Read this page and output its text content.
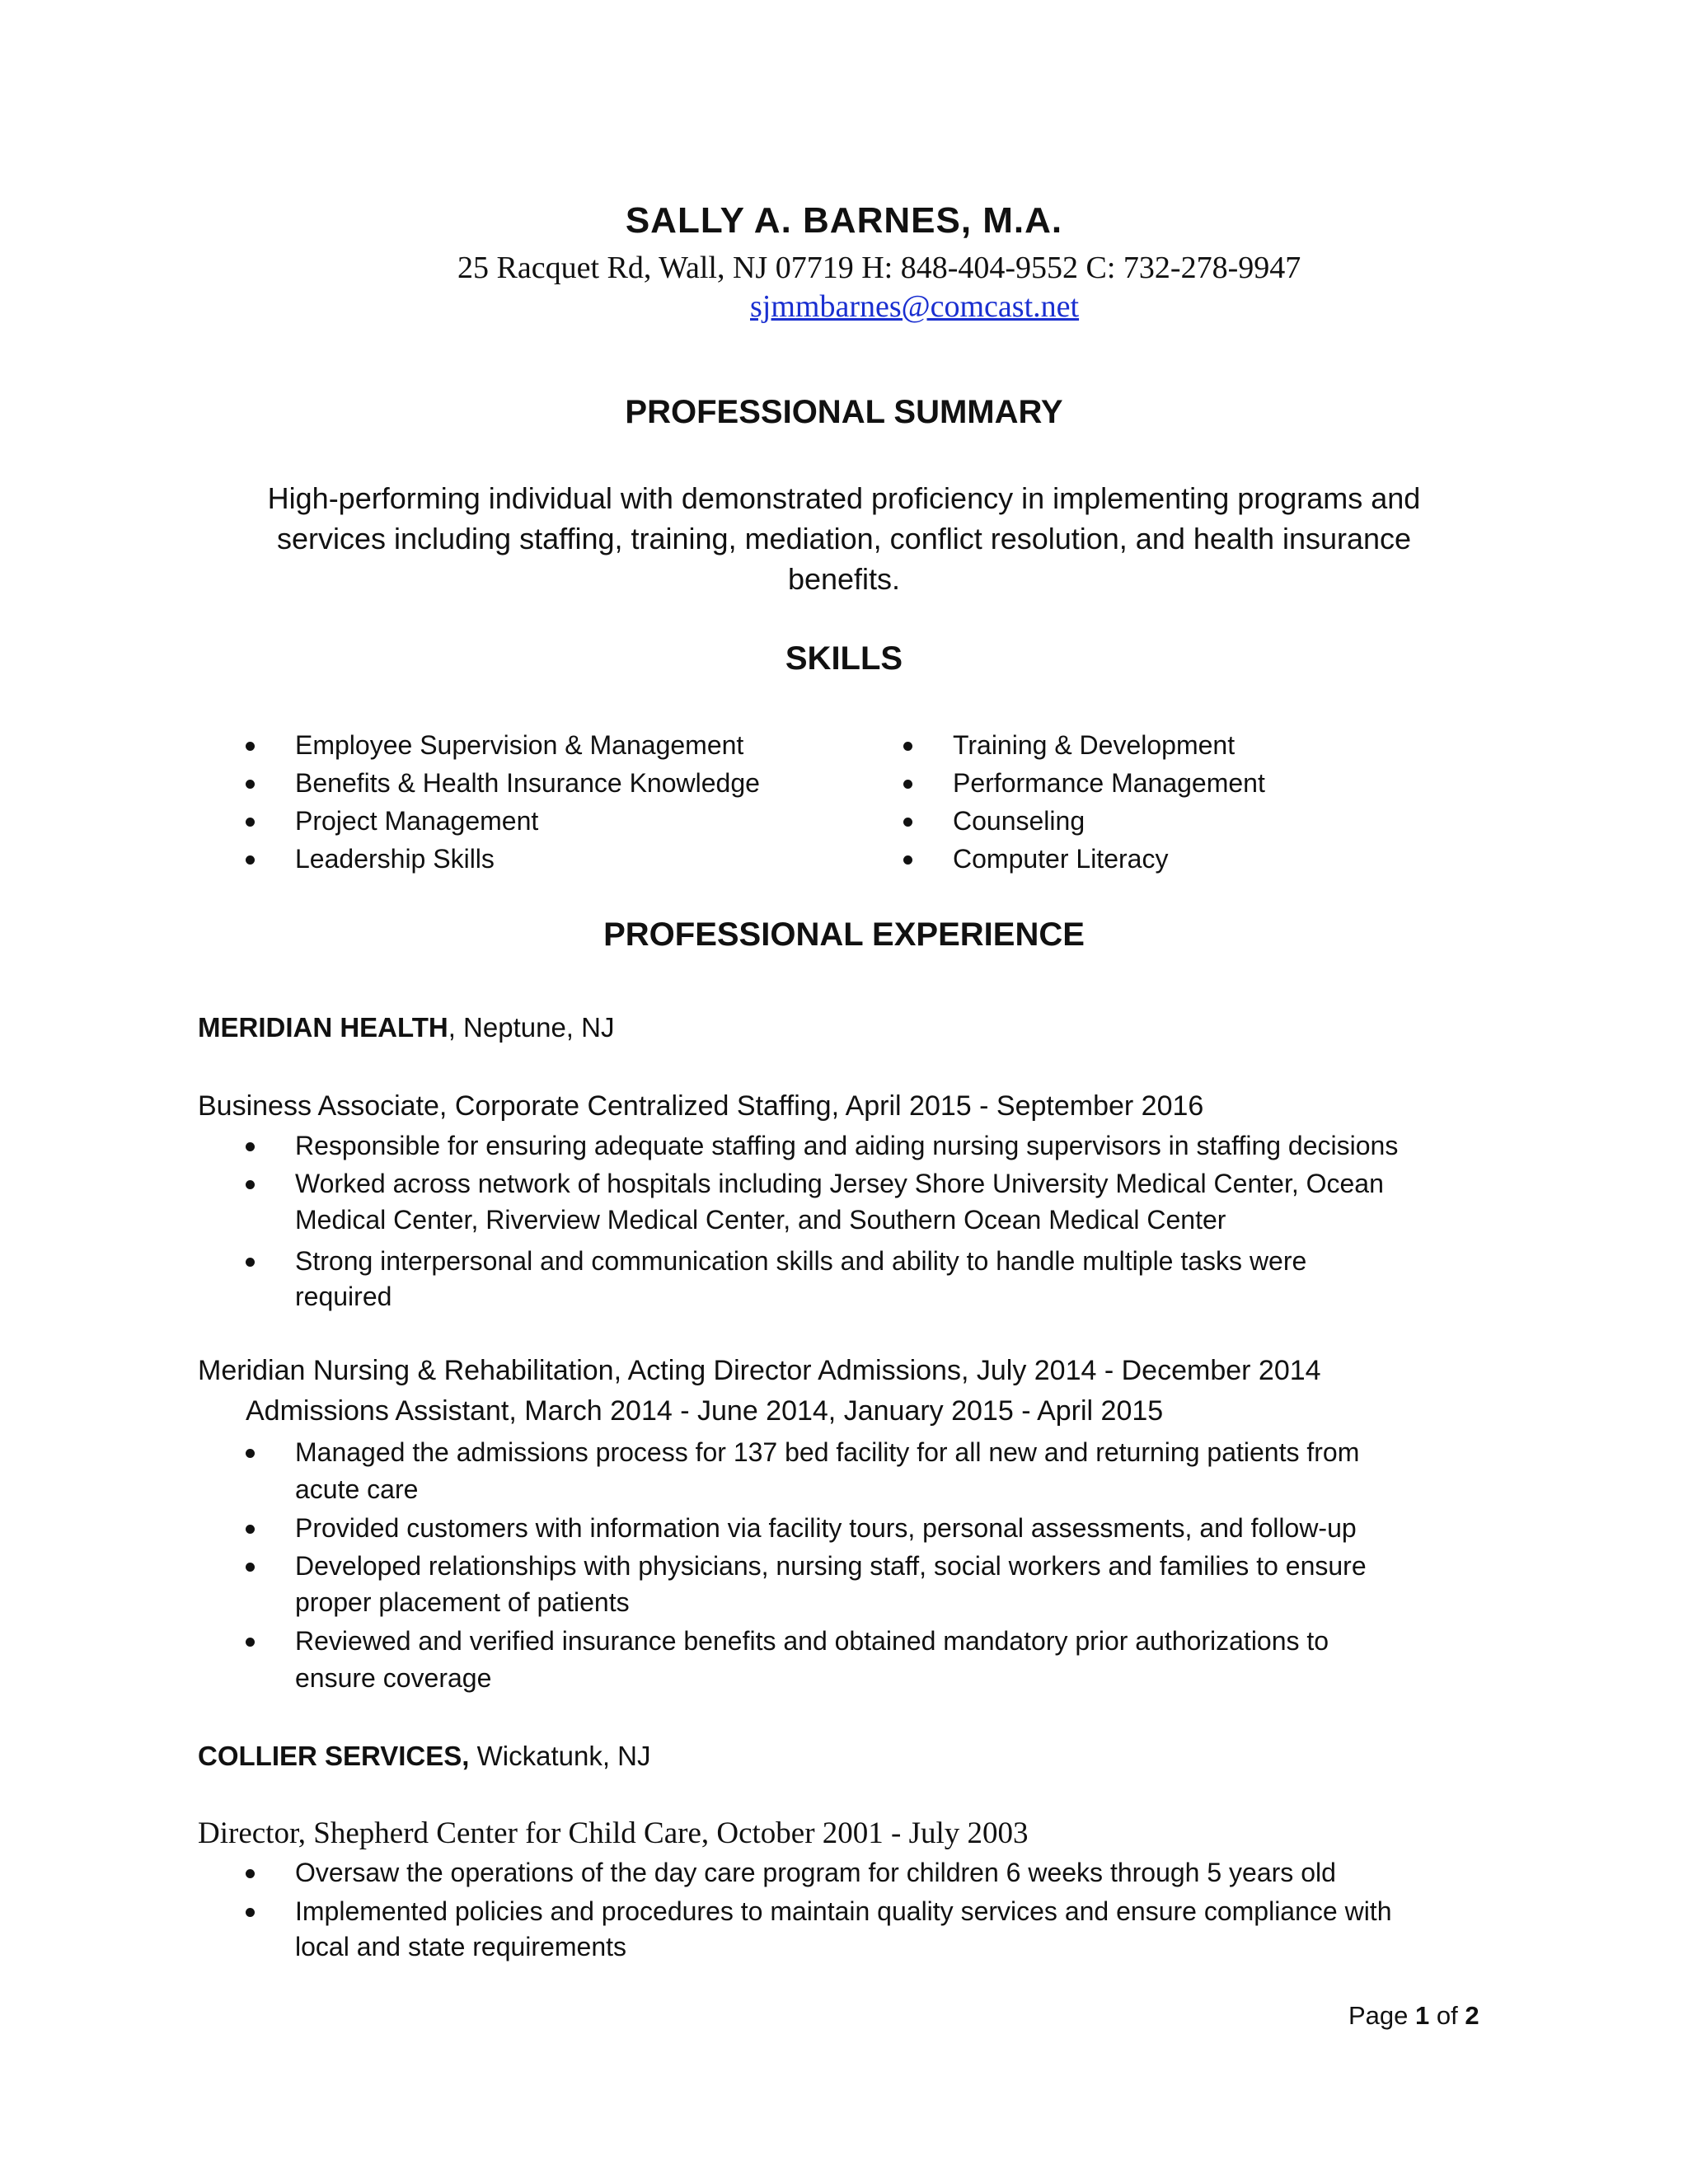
SALLY A. BARNES, M.A.
25 Racquet Rd, Wall, NJ 07719 H: 848-404-9552 C: 732-278-9947
sjmmbarnes@comcast.net
PROFESSIONAL SUMMARY
High-performing individual with demonstrated proficiency in implementing programs and
services including staffing, training, mediation, conflict resolution, and health insurance
benefits.
SKILLS
Employee Supervision & Management
Benefits & Health Insurance Knowledge
Project Management
Leadership Skills
Training & Development
Performance Management
Counseling
Computer Literacy
PROFESSIONAL EXPERIENCE
MERIDIAN HEALTH, Neptune, NJ
Business Associate, Corporate Centralized Staffing, April 2015 - September 2016
Responsible for ensuring adequate staffing and aiding nursing supervisors in staffing decisions
Worked across network of hospitals including Jersey Shore University Medical Center, Ocean
Medical Center, Riverview Medical Center, and Southern Ocean Medical Center
Strong interpersonal and communication skills and ability to handle multiple tasks were
required
Meridian Nursing & Rehabilitation, Acting Director Admissions, July 2014 - December 2014
Admissions Assistant, March 2014 - June 2014, January 2015 - April 2015
Managed the admissions process for 137 bed facility for all new and returning patients from
acute care
Provided customers with information via facility tours, personal assessments, and follow-up
Developed relationships with physicians, nursing staff, social workers and families to ensure
proper placement of patients
Reviewed and verified insurance benefits and obtained mandatory prior authorizations to
ensure coverage
COLLIER SERVICES, Wickatunk, NJ
Director, Shepherd Center for Child Care, October 2001 - July 2003
Oversaw the operations of the day care program for children 6 weeks through 5 years old
Implemented policies and procedures to maintain quality services and ensure compliance with
local and state requirements
Page 1 of 2
